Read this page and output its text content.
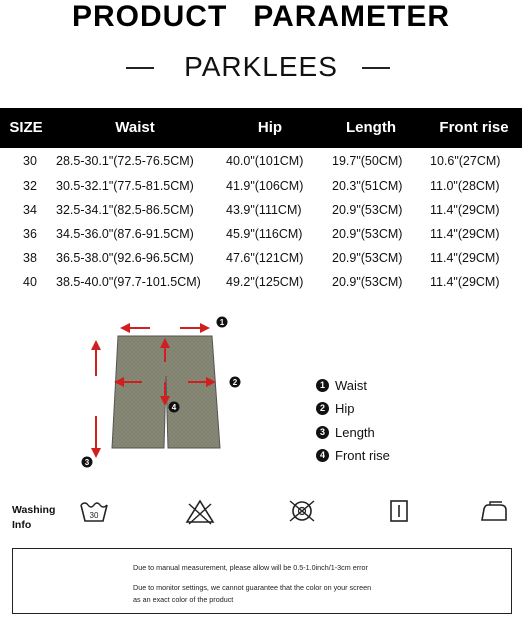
PRODUCT PARAMETER
PARKLEES
SIZE	Waist	Hip	Length	Front rise
30	28.5-30.1"(72.5-76.5CM)	40.0"(101CM)	19.7"(50CM)	10.6"(27CM)
32	30.5-32.1"(77.5-81.5CM)	41.9"(106CM)	20.3"(51CM)	11.0"(28CM)
34	32.5-34.1"(82.5-86.5CM)	43.9"(111CM)	20.9"(53CM)	11.4"(29CM)
36	34.5-36.0"(87.6-91.5CM)	45.9"(116CM)	20.9"(53CM)	11.4"(29CM)
38	36.5-38.0"(92.6-96.5CM)	47.6"(121CM)	20.9"(53CM)	11.4"(29CM)
40	38.5-40.0"(97.7-101.5CM)	49.2"(125CM)	20.9"(53CM)	11.4"(29CM)
1
2
3
4
1 Waist
2 Hip
3 Length
4 Front rise
Washing
Info
30
Due to manual measurement, please allow will be 0.5-1.0inch/1-3cm error
Due to monitor settings, we cannot guarantee that the color on your screen
as an exact color of the product
